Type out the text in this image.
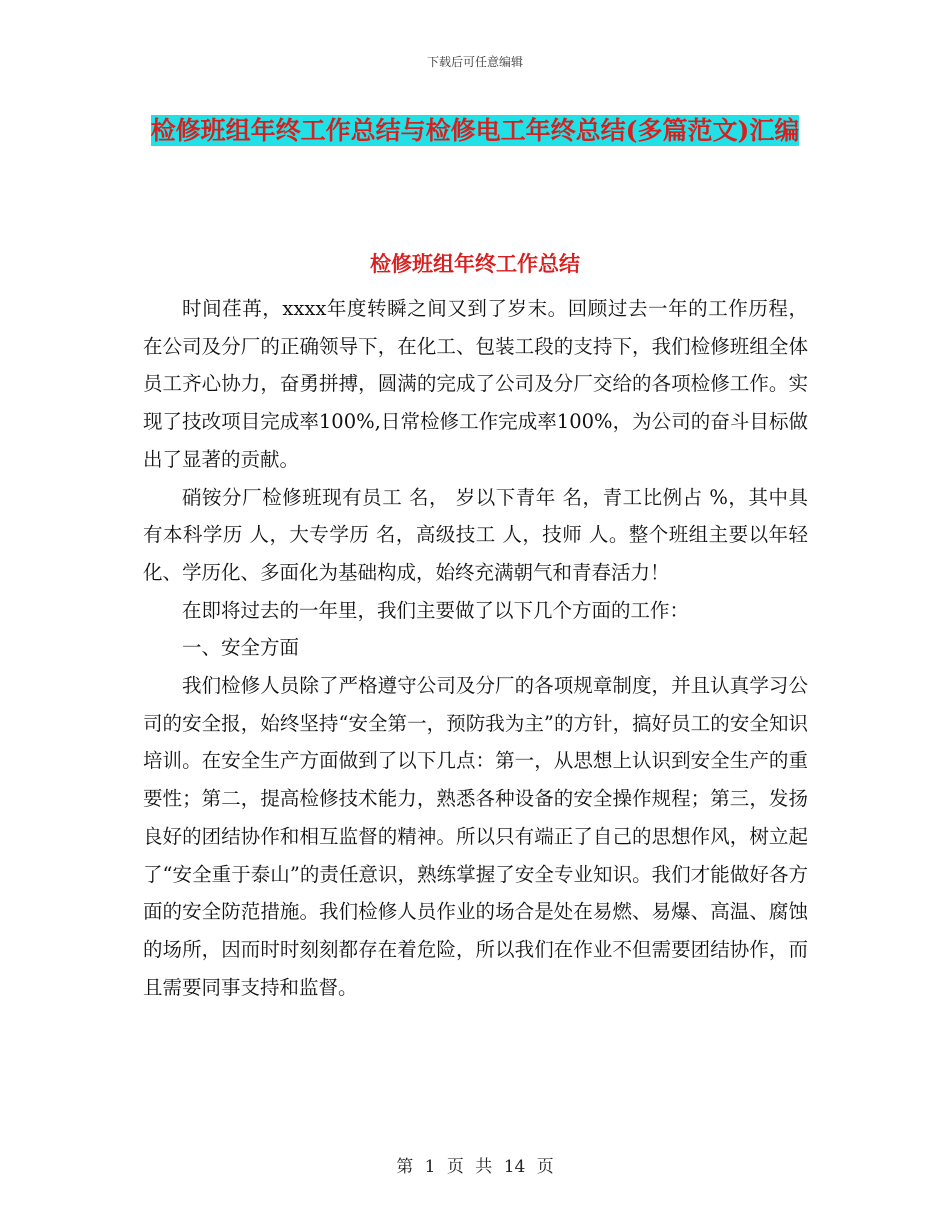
下载后可任意编辑
检修班组年终工作总结与检修电工年终总结(多篇范文)汇编
检修班组年终工作总结

时间荏苒，xxxx年度转瞬之间又到了岁末。回顾过去一年的工作历程，在公司及分厂的正确领导下，在化工、包装工段的支持下，我们检修班组全体员工齐心协力，奋勇拼搏，圆满的完成了公司及分厂交给的各项检修工作。实现了技改项目完成率100%,日常检修工作完成率100%，为公司的奋斗目标做出了显著的贡献。

硝铵分厂检修班现有员工 名， 岁以下青年 名，青工比例占 %，其中具有本科学历 人，大专学历 名，高级技工 人，技师 人。整个班组主要以年轻化、学历化、多面化为基础构成，始终充满朝气和青春活力！

在即将过去的一年里，我们主要做了以下几个方面的工作：

一、安全方面

我们检修人员除了严格遵守公司及分厂的各项规章制度，并且认真学习公司的安全报，始终坚持“安全第一，预防我为主”的方针，搞好员工的安全知识培训。在安全生产方面做到了以下几点：第一，从思想上认识到安全生产的重要性；第二，提高检修技术能力，熟悉各种设备的安全操作规程；第三，发扬良好的团结协作和相互监督的精神。所以只有端正了自己的思想作风，树立起了“安全重于泰山”的责任意识，熟练掌握了安全专业知识。我们才能做好各方面的安全防范措施。我们检修人员作业的场合是处在易燃、易爆、高温、腐蚀的场所，因而时时刻刻都存在着危险，所以我们在作业不但需要团结协作，而且需要同事支持和监督。

第 1 页 共 14 页
